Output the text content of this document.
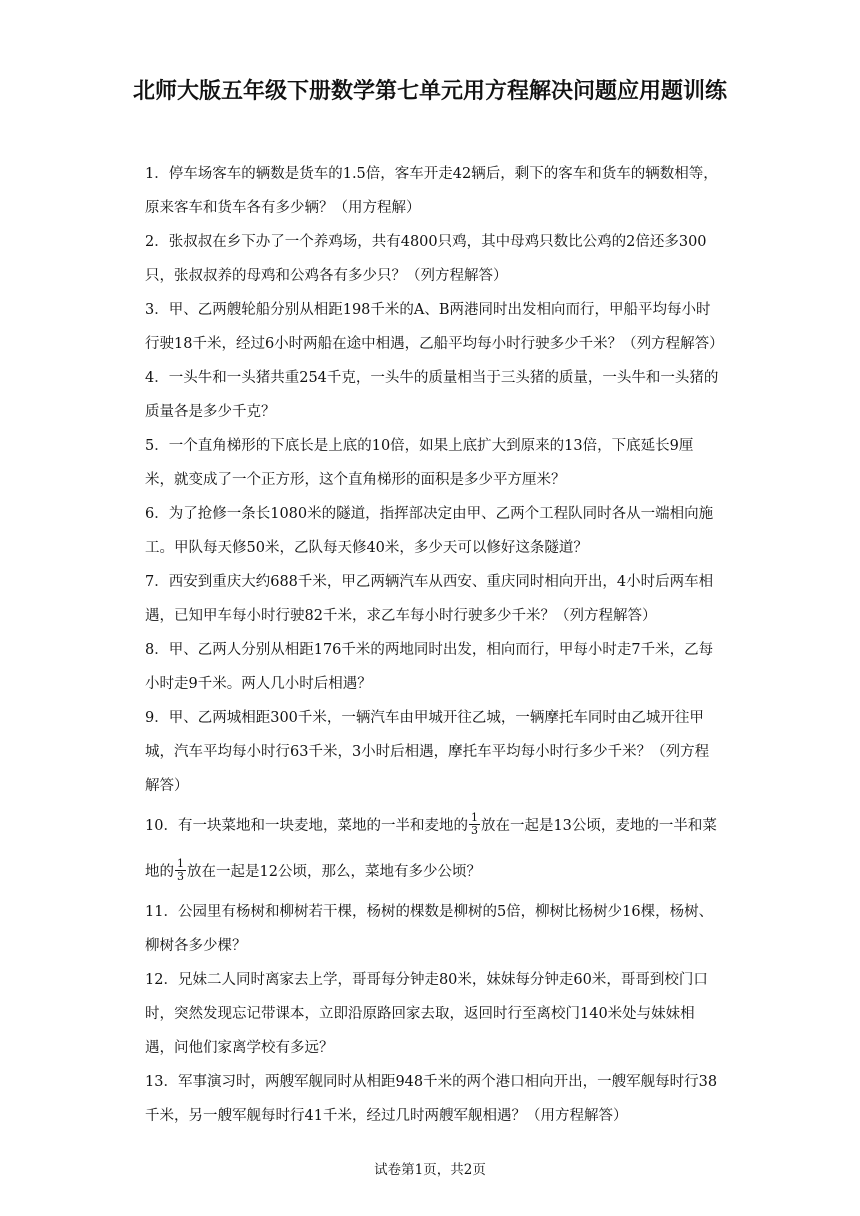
北师大版五年级下册数学第七单元用方程解决问题应用题训练

1．停车场客车的辆数是货车的1.5倍，客车开走42辆后，剩下的客车和货车的辆数相等，原来客车和货车各有多少辆？（用方程解）

2．张叔叔在乡下办了一个养鸡场，共有4800只鸡，其中母鸡只数比公鸡的2倍还多300只，张叔叔养的母鸡和公鸡各有多少只？（列方程解答）

3．甲、乙两艘轮船分别从相距198千米的A、B两港同时出发相向而行，甲船平均每小时行驶18千米，经过6小时两船在途中相遇，乙船平均每小时行驶多少千米？（列方程解答）

4．一头牛和一头猪共重254千克，一头牛的质量相当于三头猪的质量，一头牛和一头猪的质量各是多少千克？

5．一个直角梯形的下底长是上底的10倍，如果上底扩大到原来的13倍，下底延长9厘米，就变成了一个正方形，这个直角梯形的面积是多少平方厘米？

6．为了抢修一条长1080米的隧道，指挥部决定由甲、乙两个工程队同时各从一端相向施工。甲队每天修50米，乙队每天修40米，多少天可以修好这条隧道？

7．西安到重庆大约688千米，甲乙两辆汽车从西安、重庆同时相向开出，4小时后两车相遇，已知甲车每小时行驶82千米，求乙车每小时行驶多少千米？（列方程解答）

8．甲、乙两人分别从相距176千米的两地同时出发，相向而行，甲每小时走7千米，乙每小时走9千米。两人几小时后相遇？

9．甲、乙两城相距300千米，一辆汽车由甲城开往乙城，一辆摩托车同时由乙城开往甲城，汽车平均每小时行63千米，3小时后相遇，摩托车平均每小时行多少千米？（列方程解答）

10．有一块菜地和一块麦地，菜地的一半和麦地的 $\frac{1}{3}$ 放在一起是13公顷，麦地的一半和菜地的 $\frac{1}{3}$ 放在一起是12公顷，那么，菜地有多少公顷？

11．公园里有杨树和柳树若干棵，杨树的棵数是柳树的5倍，柳树比杨树少16棵，杨树、柳树各多少棵？

12．兄妹二人同时离家去上学，哥哥每分钟走80米，妹妹每分钟走60米，哥哥到校门口时，突然发现忘记带课本，立即沿原路回家去取，返回时行至离校门140米处与妹妹相遇，问他们家离学校有多远？

13．军事演习时，两艘军舰同时从相距948千米的两个港口相向开出，一艘军舰每时行38千米，另一艘军舰每时行41千米，经过几时两艘军舰相遇？（用方程解答）

试卷第1页，共2页
